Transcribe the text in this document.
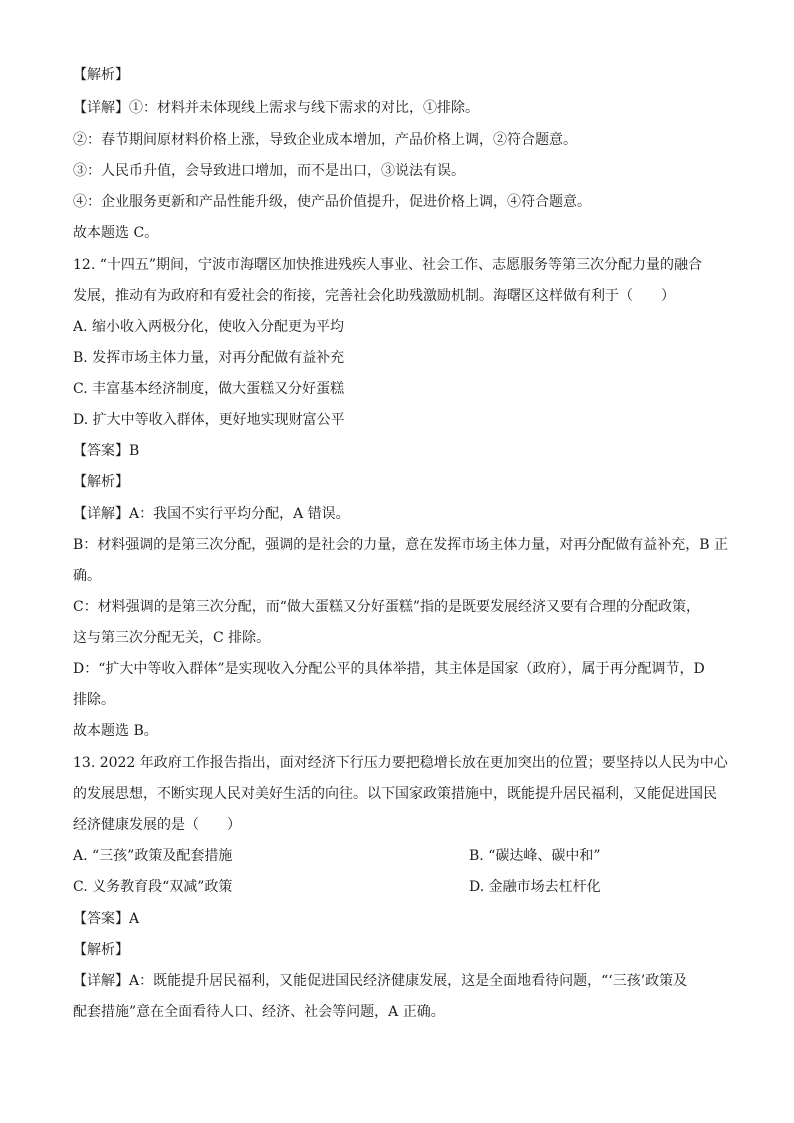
【解析】
【详解】①：材料并未体现线上需求与线下需求的对比，①排除。
②：春节期间原材料价格上涨，导致企业成本增加，产品价格上调，②符合题意。
③：人民币升值，会导致进口增加，而不是出口，③说法有误。
④：企业服务更新和产品性能升级，使产品价值提升，促进价格上调，④符合题意。
故本题选 C。
12. “十四五”期间，宁波市海曙区加快推进残疾人事业、社会工作、志愿服务等第三次分配力量的融合
发展，推动有为政府和有爱社会的衔接，完善社会化助残激励机制。海曙区这样做有利于（　　）
A. 缩小收入两极分化，使收入分配更为平均
B. 发挥市场主体力量，对再分配做有益补充
C. 丰富基本经济制度，做大蛋糕又分好蛋糕
D. 扩大中等收入群体，更好地实现财富公平
【答案】B
【解析】
【详解】A：我国不实行平均分配，A 错误。
B：材料强调的是第三次分配，强调的是社会的力量，意在发挥市场主体力量，对再分配做有益补充，B 正
确。
C：材料强调的是第三次分配，而“做大蛋糕又分好蛋糕”指的是既要发展经济又要有合理的分配政策，
这与第三次分配无关，C 排除。
D：“扩大中等收入群体”是实现收入分配公平的具体举措，其主体是国家（政府），属于再分配调节，D
排除。
故本题选 B。
13. 2022 年政府工作报告指出，面对经济下行压力要把稳增长放在更加突出的位置；要坚持以人民为中心
的发展思想，不断实现人民对美好生活的向往。以下国家政策措施中，既能提升居民福利，又能促进国民
经济健康发展的是（　　）
A. “三孩”政策及配套措施	B. “碳达峰、碳中和”
C. 义务教育段“双减”政策	D. 金融市场去杠杆化
【答案】A
【解析】
【详解】A：既能提升居民福利，又能促进国民经济健康发展，这是全面地看待问题，“‘三孩’政策及
配套措施”意在全面看待人口、经济、社会等问题，A 正确。
